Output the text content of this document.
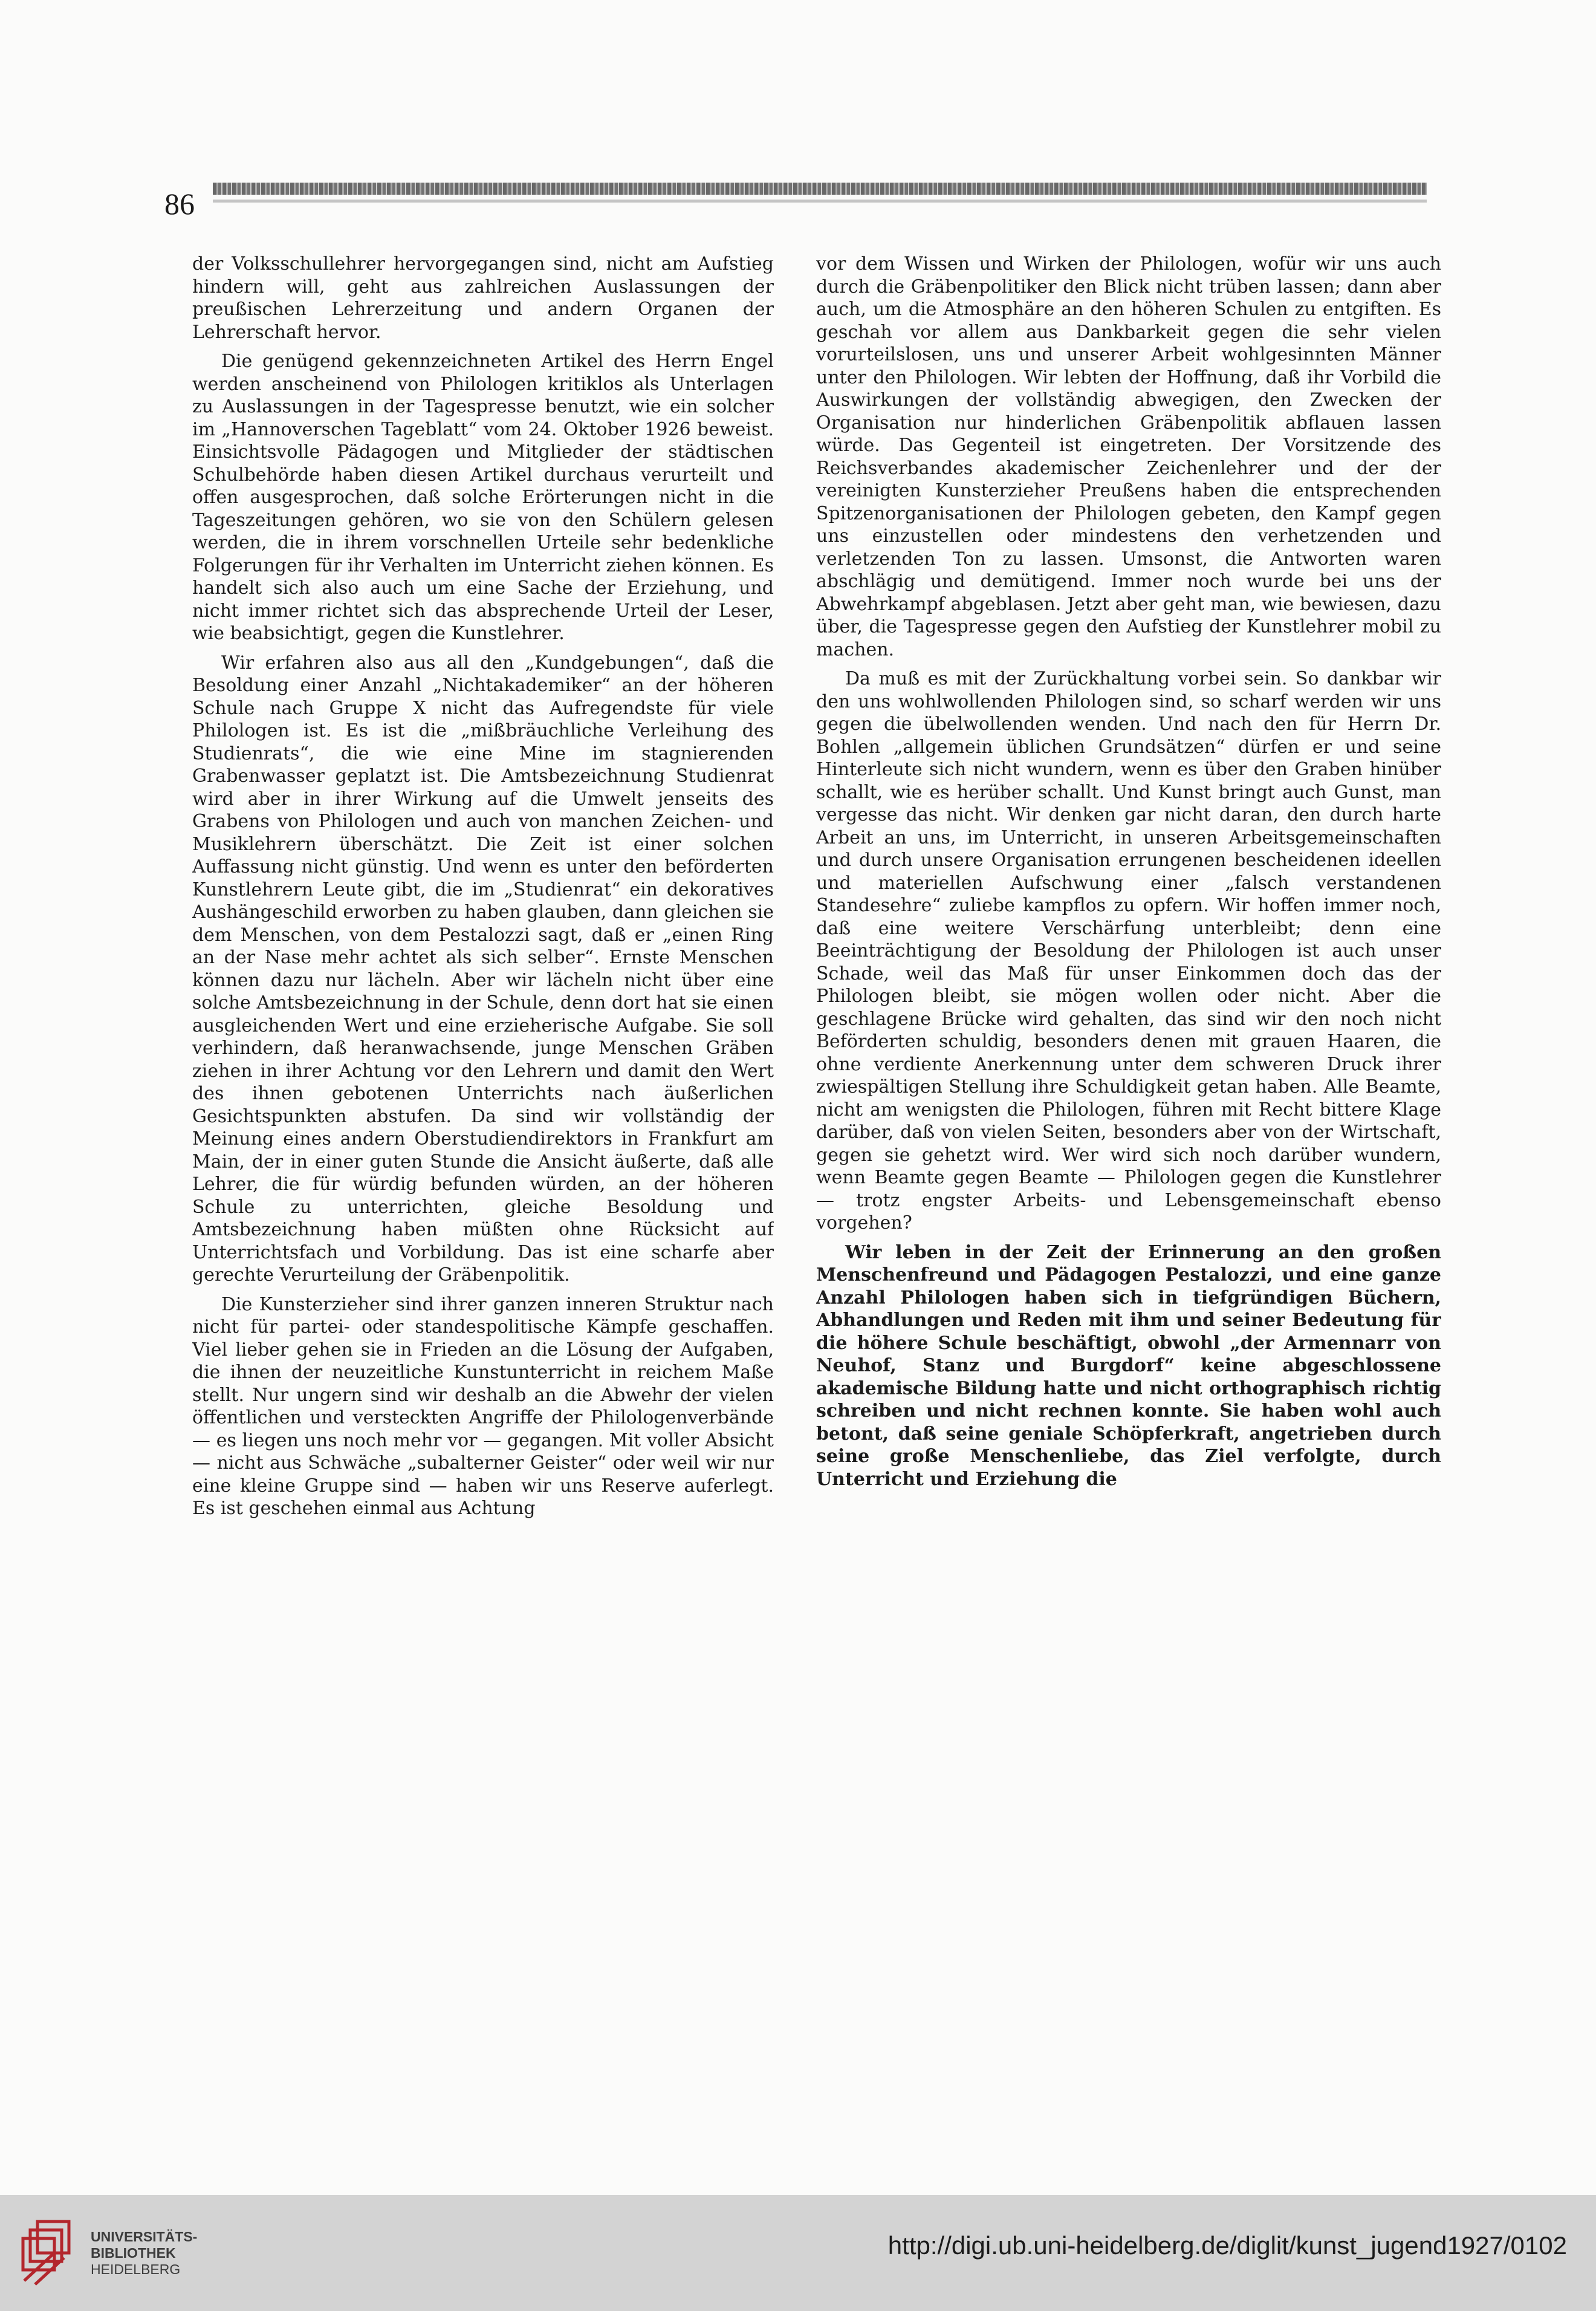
86

der Volksschullehrer hervorgegangen sind, nicht am Aufstieg hindern will, geht aus zahlreichen Auslassungen der preußischen Lehrerzeitung und andern Organen der Lehrerschaft hervor.

Die genügend gekennzeichneten Artikel des Herrn Engel werden anscheinend von Philologen kritiklos als Unterlagen zu Auslassungen in der Tagespresse benutzt, wie ein solcher im „Hannoverschen Tageblatt“ vom 24. Oktober 1926 beweist. Einsichtsvolle Pädagogen und Mitglieder der städtischen Schulbehörde haben diesen Artikel durchaus verurteilt und offen ausgesprochen, daß solche Erörterungen nicht in die Tageszeitungen gehören, wo sie von den Schülern gelesen werden, die in ihrem vorschnellen Urteile sehr bedenkliche Folgerungen für ihr Verhalten im Unterricht ziehen können. Es handelt sich also auch um eine Sache der Erziehung, und nicht immer richtet sich das absprechende Urteil der Leser, wie beabsichtigt, gegen die Kunstlehrer.

Wir erfahren also aus all den „Kundgebungen“, daß die Besoldung einer Anzahl „Nichtakademiker“ an der höheren Schule nach Gruppe X nicht das Aufregendste für viele Philologen ist. Es ist die „mißbräuchliche Verleihung des Studienrats“, die wie eine Mine im stagnierenden Grabenwasser geplatzt ist. Die Amtsbezeichnung Studienrat wird aber in ihrer Wirkung auf die Umwelt jenseits des Grabens von Philologen und auch von manchen Zeichen- und Musiklehrern überschätzt. Die Zeit ist einer solchen Auffassung nicht günstig. Und wenn es unter den beförderten Kunstlehrern Leute gibt, die im „Studienrat“ ein dekoratives Aushängeschild erworben zu haben glauben, dann gleichen sie dem Menschen, von dem Pestalozzi sagt, daß er „einen Ring an der Nase mehr achtet als sich selber“. Ernste Menschen können dazu nur lächeln. Aber wir lächeln nicht über eine solche Amtsbezeichnung in der Schule, denn dort hat sie einen ausgleichenden Wert und eine erzieherische Aufgabe. Sie soll verhindern, daß heranwachsende, junge Menschen Gräben ziehen in ihrer Achtung vor den Lehrern und damit den Wert des ihnen gebotenen Unterrichts nach äußerlichen Gesichtspunkten abstufen. Da sind wir vollständig der Meinung eines andern Oberstudiendirektors in Frankfurt am Main, der in einer guten Stunde die Ansicht äußerte, daß alle Lehrer, die für würdig befunden würden, an der höheren Schule zu unterrichten, gleiche Besoldung und Amtsbezeichnung haben müßten ohne Rücksicht auf Unterrichtsfach und Vorbildung. Das ist eine scharfe aber gerechte Verurteilung der Gräbenpolitik.

Die Kunsterzieher sind ihrer ganzen inneren Struktur nach nicht für partei- oder standespolitische Kämpfe geschaffen. Viel lieber gehen sie in Frieden an die Lösung der Aufgaben, die ihnen der neuzeitliche Kunstunterricht in reichem Maße stellt. Nur ungern sind wir deshalb an die Abwehr der vielen öffentlichen und versteckten Angriffe der Philologenverbände — es liegen uns noch mehr vor — gegangen. Mit voller Absicht — nicht aus Schwäche „subalterner Geister“ oder weil wir nur eine kleine Gruppe sind — haben wir uns Reserve auferlegt. Es ist geschehen einmal aus Achtung

vor dem Wissen und Wirken der Philologen, wofür wir uns auch durch die Gräbenpolitiker den Blick nicht trüben lassen; dann aber auch, um die Atmosphäre an den höheren Schulen zu entgiften. Es geschah vor allem aus Dankbarkeit gegen die sehr vielen vorurteilslosen, uns und unserer Arbeit wohlgesinnten Männer unter den Philologen. Wir lebten der Hoffnung, daß ihr Vorbild die Auswirkungen der vollständig abwegigen, den Zwecken der Organisation nur hinderlichen Gräbenpolitik abflauen lassen würde. Das Gegenteil ist eingetreten. Der Vorsitzende des Reichsverbandes akademischer Zeichenlehrer und der der vereinigten Kunsterzieher Preußens haben die entsprechenden Spitzenorganisationen der Philologen gebeten, den Kampf gegen uns einzustellen oder mindestens den verhetzenden und verletzenden Ton zu lassen. Umsonst, die Antworten waren abschlägig und demütigend. Immer noch wurde bei uns der Abwehrkampf abgeblasen. Jetzt aber geht man, wie bewiesen, dazu über, die Tagespresse gegen den Aufstieg der Kunstlehrer mobil zu machen.

Da muß es mit der Zurückhaltung vorbei sein. So dankbar wir den uns wohlwollenden Philologen sind, so scharf werden wir uns gegen die übelwollenden wenden. Und nach den für Herrn Dr. Bohlen „allgemein üblichen Grundsätzen“ dürfen er und seine Hinterleute sich nicht wundern, wenn es über den Graben hinüber schallt, wie es herüber schallt. Und Kunst bringt auch Gunst, man vergesse das nicht. Wir denken gar nicht daran, den durch harte Arbeit an uns, im Unterricht, in unseren Arbeitsgemeinschaften und durch unsere Organisation errungenen bescheidenen ideellen und materiellen Aufschwung einer „falsch verstandenen Standesehre“ zuliebe kampflos zu opfern. Wir hoffen immer noch, daß eine weitere Verschärfung unterbleibt; denn eine Beeinträchtigung der Besoldung der Philologen ist auch unser Schade, weil das Maß für unser Einkommen doch das der Philologen bleibt, sie mögen wollen oder nicht. Aber die geschlagene Brücke wird gehalten, das sind wir den noch nicht Beförderten schuldig, besonders denen mit grauen Haaren, die ohne verdiente Anerkennung unter dem schweren Druck ihrer zwiespältigen Stellung ihre Schuldigkeit getan haben. Alle Beamte, nicht am wenigsten die Philologen, führen mit Recht bittere Klage darüber, daß von vielen Seiten, besonders aber von der Wirtschaft, gegen sie gehetzt wird. Wer wird sich noch darüber wundern, wenn Beamte gegen Beamte — Philologen gegen die Kunstlehrer — trotz engster Arbeits- und Lebensgemeinschaft ebenso vorgehen?

Wir leben in der Zeit der Erinnerung an den großen Menschenfreund und Pädagogen Pestalozzi, und eine ganze Anzahl Philologen haben sich in tiefgründigen Büchern, Abhandlungen und Reden mit ihm und seiner Bedeutung für die höhere Schule beschäftigt, obwohl „der Armennarr von Neuhof, Stanz und Burgdorf“ keine abgeschlossene akademische Bildung hatte und nicht orthographisch richtig schreiben und nicht rechnen konnte. Sie haben wohl auch betont, daß seine geniale Schöpferkraft, angetrieben durch seine große Menschenliebe, das Ziel verfolgte, durch Unterricht und Erziehung die

UNIVERSITÄTS-
BIBLIOTHEK
HEIDELBERG
http://digi.ub.uni-heidelberg.de/diglit/kunst_jugend1927/0102
